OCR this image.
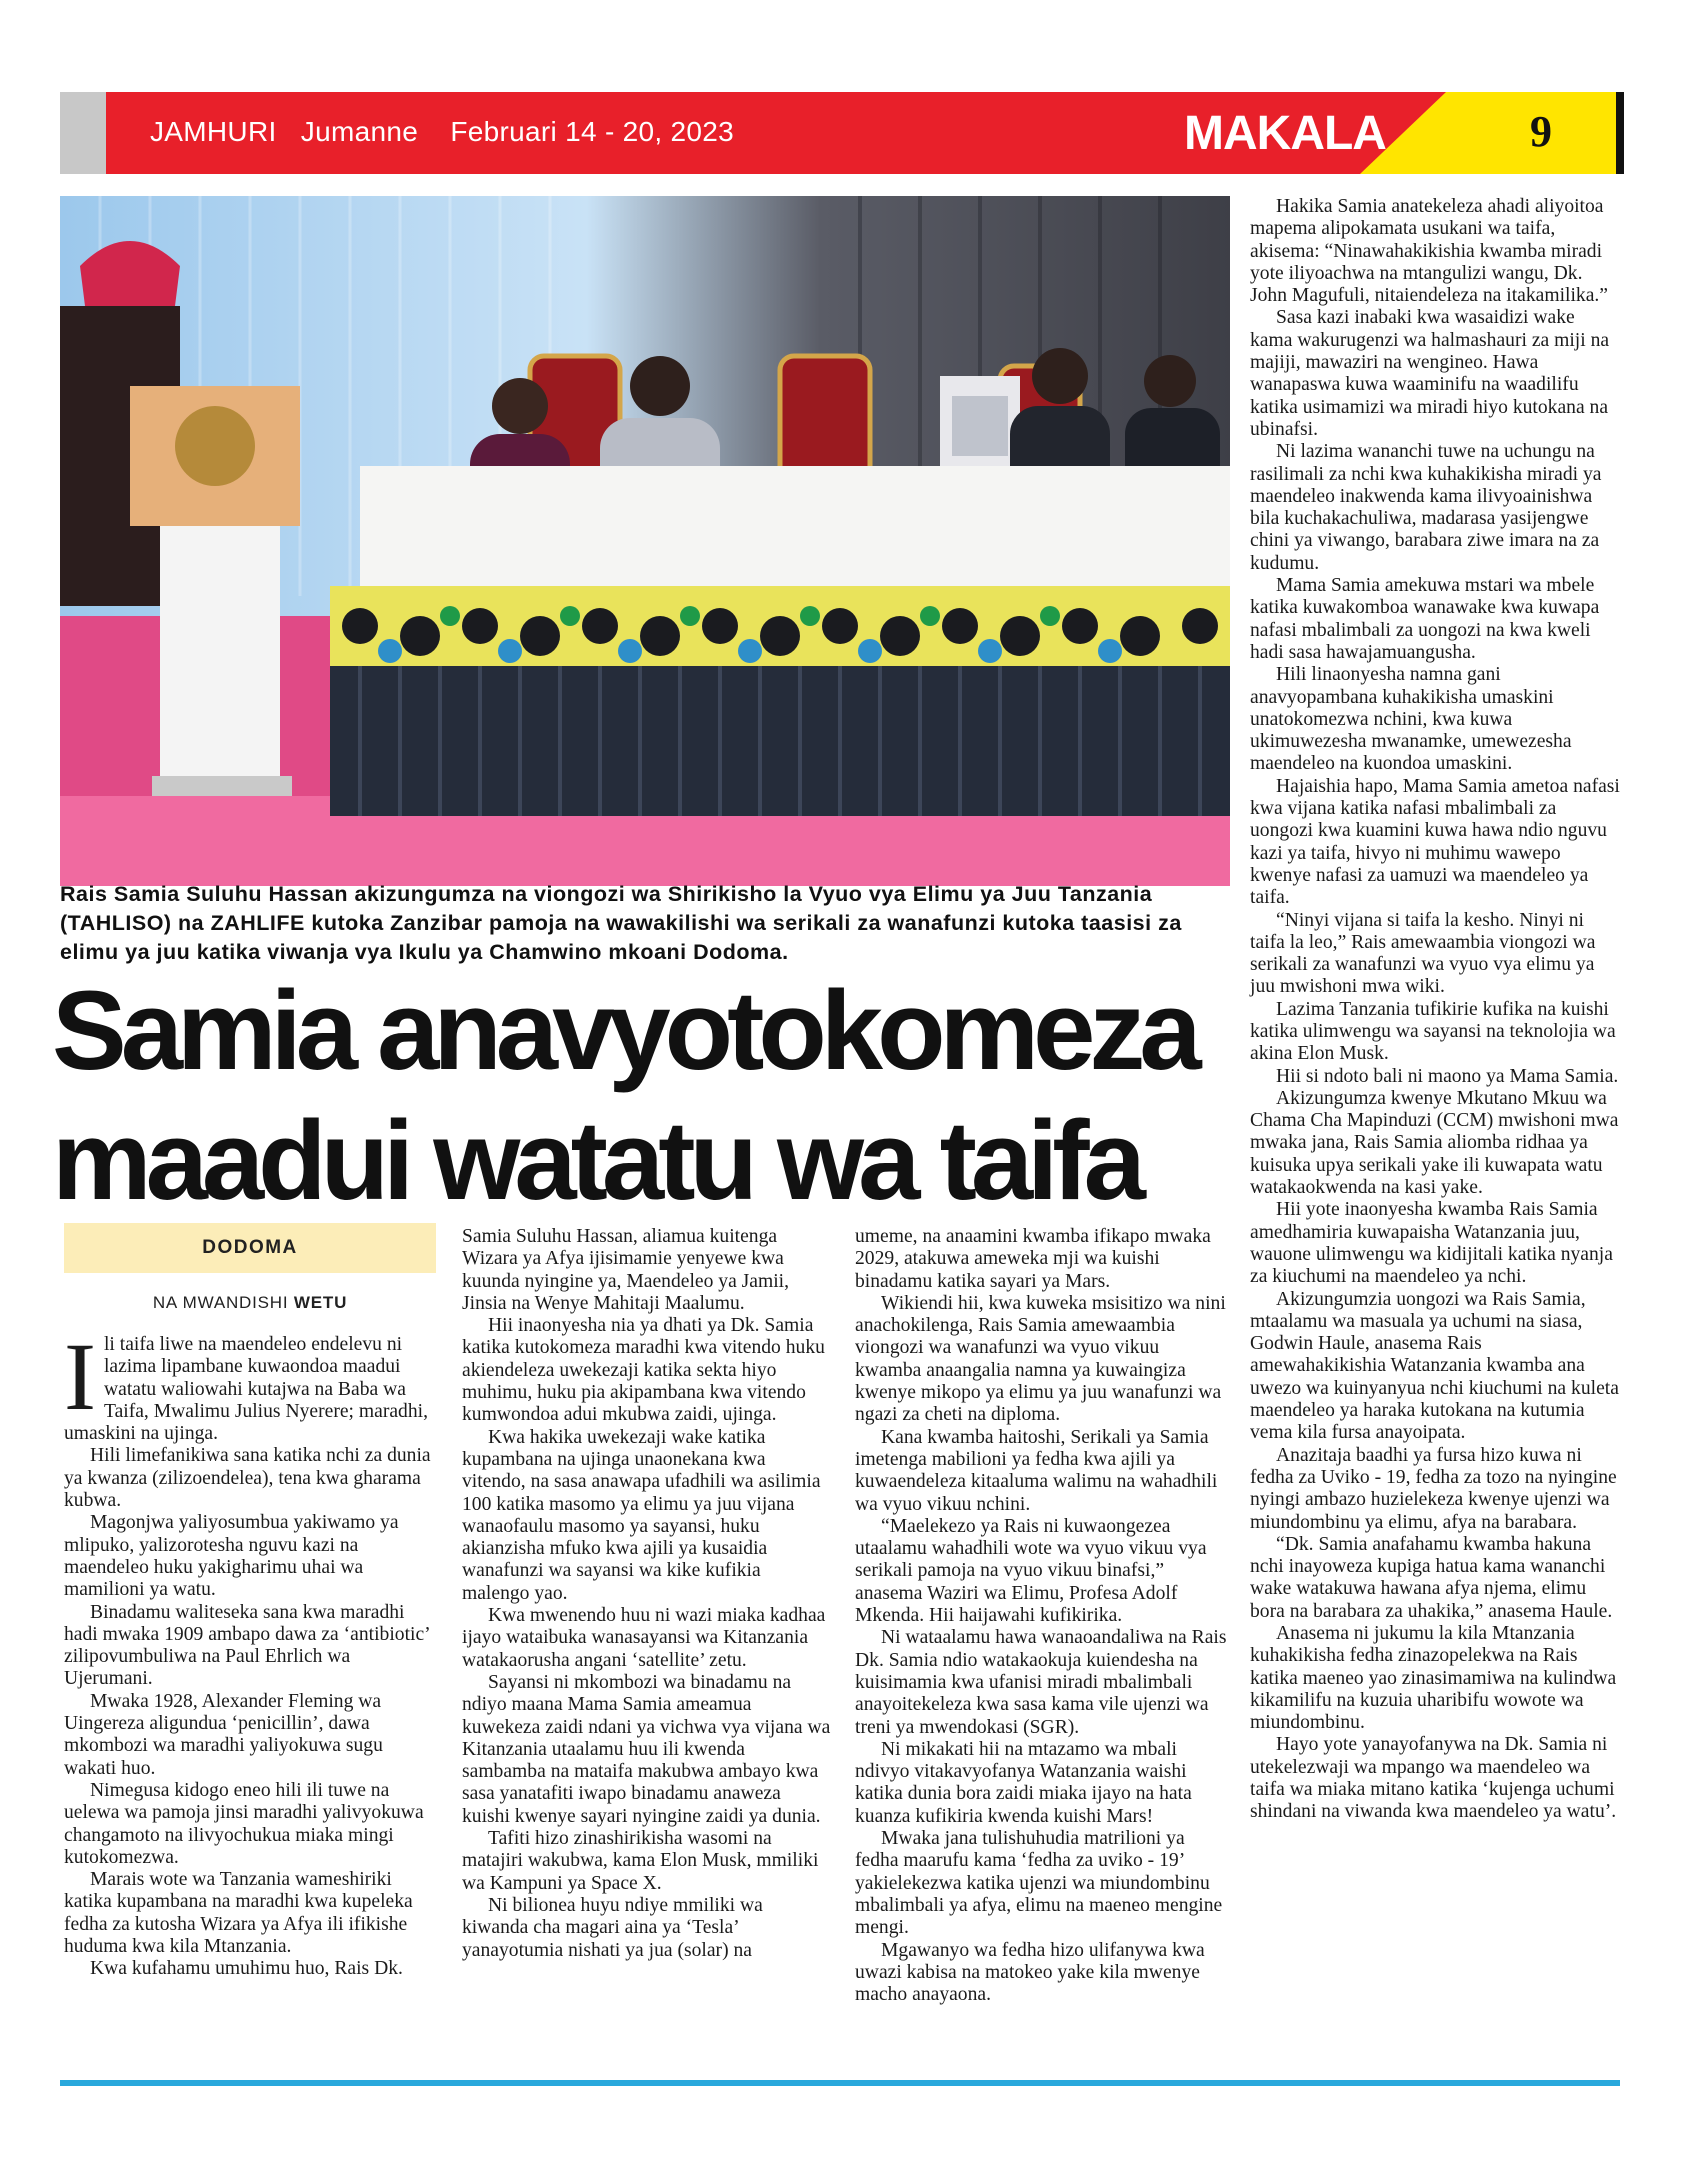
JAMHURI   Jumanne    Februari 14 - 20, 2023	MAKALA	9
Rais Samia Suluhu Hassan akizungumza na viongozi wa Shirikisho la Vyuo vya Elimu ya Juu Tanzania (TAHLISO) na ZAHLIFE kutoka Zanzibar pamoja na wawakilishi wa serikali za wanafunzi kutoka taasisi za elimu ya juu katika viwanja vya Ikulu ya Chamwino mkoani Dodoma.
Samia anavyotokomeza
maadui watatu wa taifa
DODOMA
NA MWANDISHI WETU

Ili taifa liwe na maendeleo endelevu ni lazima lipambane kuwaondoa maadui watatu waliowahi kutajwa na Baba wa Taifa, Mwalimu Julius Nyerere; maradhi, umaskini na ujinga.

Hili limefanikiwa sana katika nchi za dunia ya kwanza (zilizoendelea), tena kwa gharama kubwa.

Magonjwa yaliyosumbua yakiwamo ya mlipuko, yalizorotesha nguvu kazi na maendeleo huku yakigharimu uhai wa mamilioni ya watu.

Binadamu waliteseka sana kwa maradhi hadi mwaka 1909 ambapo dawa za ‘antibiotic’ zilipovumbuliwa na Paul Ehrlich wa Ujerumani.

Mwaka 1928, Alexander Fleming wa Uingereza aligundua ‘penicillin’, dawa mkombozi wa maradhi yaliyokuwa sugu wakati huo.

Nimegusa kidogo eneo hili ili tuwe na uelewa wa pamoja jinsi maradhi yalivyokuwa changamoto na ilivyochukua miaka mingi kutokomezwa.

Marais wote wa Tanzania wameshiriki katika kupambana na maradhi kwa kupeleka fedha za kutosha Wizara ya Afya ili ifikishe huduma kwa kila Mtanzania.

Kwa kufahamu umuhimu huo, Rais Dk.

Samia Suluhu Hassan, aliamua kuitenga Wizara ya Afya ijisimamie yenyewe kwa kuunda nyingine ya, Maendeleo ya Jamii, Jinsia na Wenye Mahitaji Maalumu.

Hii inaonyesha nia ya dhati ya Dk. Samia katika kutokomeza maradhi kwa vitendo huku akiendeleza uwekezaji katika sekta hiyo muhimu, huku pia akipambana kwa vitendo kumwondoa adui mkubwa zaidi, ujinga.

Kwa hakika uwekezaji wake katika kupambana na ujinga unaonekana kwa vitendo, na sasa anawapa ufadhili wa asilimia 100 katika masomo ya elimu ya juu vijana wanaofaulu masomo ya sayansi, huku akianzisha mfuko kwa ajili ya kusaidia wanafunzi wa sayansi wa kike kufikia malengo yao.

Kwa mwenendo huu ni wazi miaka kadhaa ijayo wataibuka wanasayansi wa Kitanzania watakaorusha angani ‘satellite’ zetu.

Sayansi ni mkombozi wa binadamu na ndiyo maana Mama Samia ameamua kuwekeza zaidi ndani ya vichwa vya vijana wa Kitanzania utaalamu huu ili kwenda sambamba na mataifa makubwa ambayo kwa sasa yanatafiti iwapo binadamu anaweza kuishi kwenye sayari nyingine zaidi ya dunia.

Tafiti hizo zinashirikisha wasomi na matajiri wakubwa, kama Elon Musk, mmiliki wa Kampuni ya Space X.

Ni bilionea huyu ndiye mmiliki wa kiwanda cha magari aina ya ‘Tesla’ yanayotumia nishati ya jua (solar) na

umeme, na anaamini kwamba ifikapo mwaka 2029, atakuwa ameweka mji wa kuishi binadamu katika sayari ya Mars.

Wikiendi hii, kwa kuweka msisitizo wa nini anachokilenga, Rais Samia amewaambia viongozi wa wanafunzi wa vyuo vikuu kwamba anaangalia namna ya kuwaingiza kwenye mikopo ya elimu ya juu wanafunzi wa ngazi za cheti na diploma.

Kana kwamba haitoshi, Serikali ya Samia imetenga mabilioni ya fedha kwa ajili ya kuwaendeleza kitaaluma walimu na wahadhili wa vyuo vikuu nchini.

“Maelekezo ya Rais ni kuwaongezea utaalamu wahadhili wote wa vyuo vikuu vya serikali pamoja na vyuo vikuu binafsi,” anasema Waziri wa Elimu, Profesa Adolf Mkenda. Hii haijawahi kufikirika.

Ni wataalamu hawa wanaoandaliwa na Rais Dk. Samia ndio watakaokuja kuiendesha na kuisimamia kwa ufanisi miradi mbalimbali anayoitekeleza kwa sasa kama vile ujenzi wa treni ya mwendokasi (SGR).

Ni mikakati hii na mtazamo wa mbali ndivyo vitakavyofanya Watanzania waishi katika dunia bora zaidi miaka ijayo na hata kuanza kufikiria kwenda kuishi Mars!

Mwaka jana tulishuhudia matrilioni ya fedha maarufu kama ‘fedha za uviko - 19’ yakielekezwa katika ujenzi wa miundombinu mbalimbali ya afya, elimu na maeneo mengine mengi.

Mgawanyo wa fedha hizo ulifanywa kwa uwazi kabisa na matokeo yake kila mwenye macho anayaona.

Hakika Samia anatekeleza ahadi aliyoitoa mapema alipokamata usukani wa taifa, akisema: “Ninawahakikishia kwamba miradi yote iliyoachwa na mtangulizi wangu, Dk. John Magufuli, nitaiendeleza na itakamilika.”

Sasa kazi inabaki kwa wasaidizi wake kama wakurugenzi wa halmashauri za miji na majiji, mawaziri na wengineo. Hawa wanapaswa kuwa waaminifu na waadilifu katika usimamizi wa miradi hiyo kutokana na ubinafsi.

Ni lazima wananchi tuwe na uchungu na rasilimali za nchi kwa kuhakikisha miradi ya maendeleo inakwenda kama ilivyoainishwa bila kuchakachuliwa, madarasa yasijengwe chini ya viwango, barabara ziwe imara na za kudumu.

Mama Samia amekuwa mstari wa mbele katika kuwakomboa wanawake kwa kuwapa nafasi mbalimbali za uongozi na kwa kweli hadi sasa hawajamuangusha.

Hili linaonyesha namna gani anavyopambana kuhakikisha umaskini unatokomezwa nchini, kwa kuwa ukimuwezesha mwanamke, umewezesha maendeleo na kuondoa umaskini.

Hajaishia hapo, Mama Samia ametoa nafasi kwa vijana katika nafasi mbalimbali za uongozi kwa kuamini kuwa hawa ndio nguvu kazi ya taifa, hivyo ni muhimu wawepo kwenye nafasi za uamuzi wa maendeleo ya taifa.

“Ninyi vijana si taifa la kesho. Ninyi ni taifa la leo,” Rais amewaambia viongozi wa serikali za wanafunzi wa vyuo vya elimu ya juu mwishoni mwa wiki.

Lazima Tanzania tufikirie kufika na kuishi katika ulimwengu wa sayansi na teknolojia wa akina Elon Musk.

Hii si ndoto bali ni maono ya Mama Samia.

Akizungumza kwenye Mkutano Mkuu wa Chama Cha Mapinduzi (CCM) mwishoni mwa mwaka jana, Rais Samia aliomba ridhaa ya kuisuka upya serikali yake ili kuwapata watu watakaokwenda na kasi yake.

Hii yote inaonyesha kwamba Rais Samia amedhamiria kuwapaisha Watanzania juu, wauone ulimwengu wa kidijitali katika nyanja za kiuchumi na maendeleo ya nchi.

Akizungumzia uongozi wa Rais Samia, mtaalamu wa masuala ya uchumi na siasa, Godwin Haule, anasema Rais amewahakikishia Watanzania kwamba ana uwezo wa kuinyanyua nchi kiuchumi na kuleta maendeleo ya haraka kutokana na kutumia vema kila fursa anayoipata.

Anazitaja baadhi ya fursa hizo kuwa ni fedha za Uviko - 19, fedha za tozo na nyingine nyingi ambazo huzielekeza kwenye ujenzi wa miundombinu ya elimu, afya na barabara.

“Dk. Samia anafahamu kwamba hakuna nchi inayoweza kupiga hatua kama wananchi wake watakuwa hawana afya njema, elimu bora na barabara za uhakika,” anasema Haule.

Anasema ni jukumu la kila Mtanzania kuhakikisha fedha zinazopelekwa na Rais katika maeneo yao zinasimamiwa na kulindwa kikamilifu na kuzuia uharibifu wowote wa miundombinu.

Hayo yote yanayofanywa na Dk. Samia ni utekelezwaji wa mpango wa maendeleo wa taifa wa miaka mitano katika ‘kujenga uchumi shindani na viwanda kwa maendeleo ya watu’.
